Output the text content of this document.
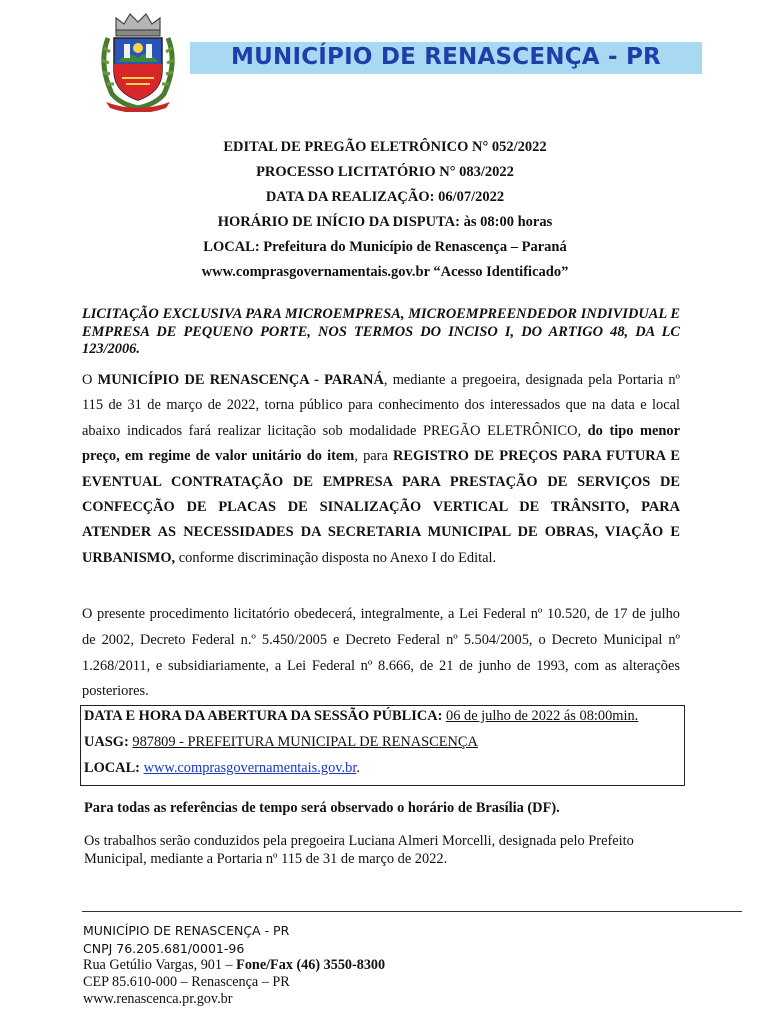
MUNICÍPIO DE RENASCENÇA - PR
EDITAL DE PREGÃO ELETRÔNICO N° 052/2022
PROCESSO LICITATÓRIO N° 083/2022
DATA DA REALIZAÇÃO: 06/07/2022
HORÁRIO DE INÍCIO DA DISPUTA: às 08:00 horas
LOCAL: Prefeitura do Município de Renascença – Paraná
www.comprasgovernamentais.gov.br “Acesso Identificado”
LICITAÇÃO EXCLUSIVA PARA MICROEMPRESA, MICROEMPREENDEDOR INDIVIDUAL E EMPRESA DE PEQUENO PORTE, NOS TERMOS DO INCISO I, DO ARTIGO 48, DA LC 123/2006.
O MUNICÍPIO DE RENASCENÇA - PARANÁ, mediante a pregoeira, designada pela Portaria nº 115 de 31 de março de 2022, torna público para conhecimento dos interessados que na data e local abaixo indicados fará realizar licitação sob modalidade PREGÃO ELETRÔNICO, do tipo menor preço, em regime de valor unitário do item, para REGISTRO DE PREÇOS PARA FUTURA E EVENTUAL CONTRATAÇÃO DE EMPRESA PARA PRESTAÇÃO DE SERVIÇOS DE CONFECÇÃO DE PLACAS DE SINALIZAÇÃO VERTICAL DE TRÂNSITO, PARA ATENDER AS NECESSIDADES DA SECRETARIA MUNICIPAL DE OBRAS, VIAÇÃO E URBANISMO, conforme discriminação disposta no Anexo I do Edital.
O presente procedimento licitatório obedecerá, integralmente, a Lei Federal nº 10.520, de 17 de julho de 2002, Decreto Federal n.º 5.450/2005 e Decreto Federal nº 5.504/2005, o Decreto Municipal nº 1.268/2011, e subsidiariamente, a Lei Federal nº 8.666, de 21 de junho de 1993, com as alterações posteriores.
DATA E HORA DA ABERTURA DA SESSÃO PÚBLICA: 06 de julho de 2022 ás 08:00min.
UASG: 987809 - PREFEITURA MUNICIPAL DE RENASCENÇA
LOCAL: www.comprasgovernamentais.gov.br.
Para todas as referências de tempo será observado o horário de Brasília (DF).
Os trabalhos serão conduzidos pela pregoeira Luciana Almeri Morcelli, designada pelo Prefeito Municipal, mediante a Portaria nº 115 de 31 de março de 2022.
MUNICÍPIO DE RENASCENÇA - PR
CNPJ 76.205.681/0001-96
Rua Getúlio Vargas, 901 – Fone/Fax (46) 3550-8300
CEP 85.610-000 – Renascença – PR
www.renascenca.pr.gov.br
